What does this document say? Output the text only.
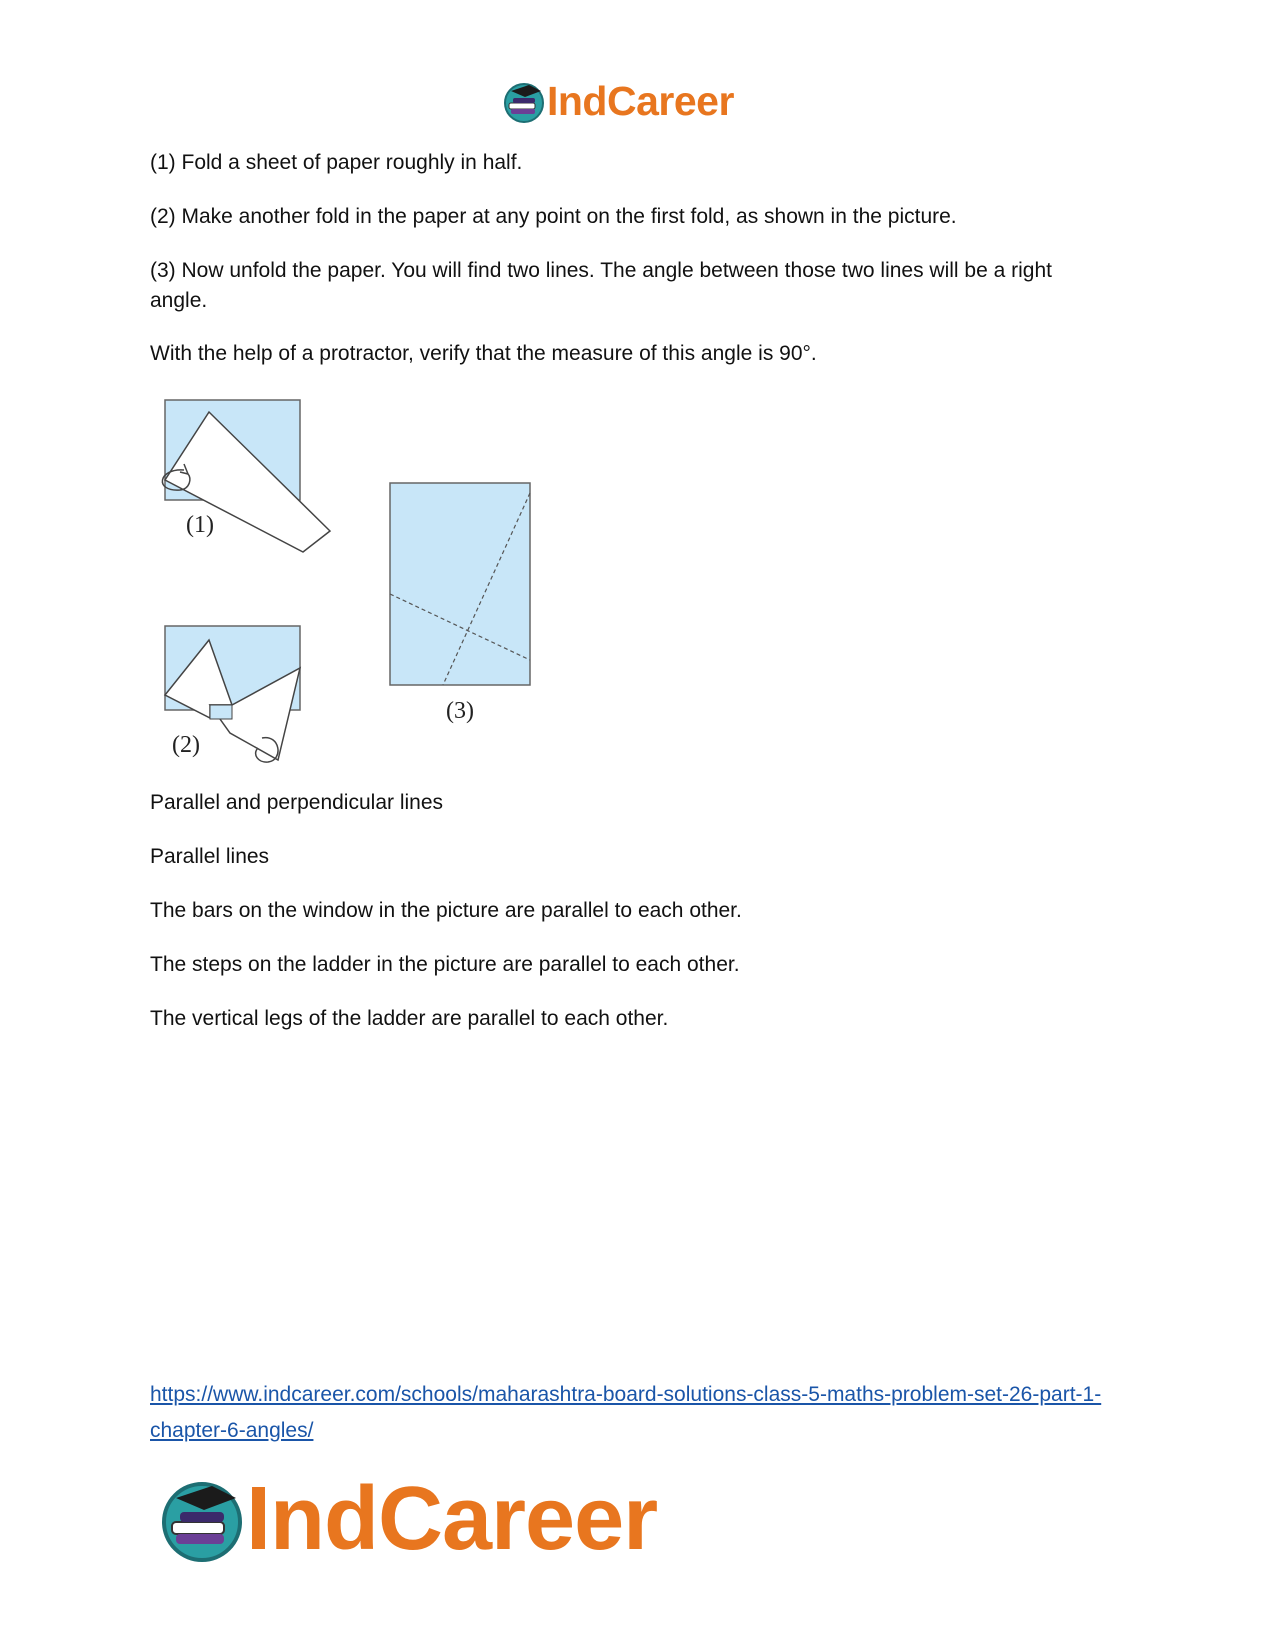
IndCareer

(1) Fold a sheet of paper roughly in half.

(2) Make another fold in the paper at any point on the first fold, as shown in the picture.

(3) Now unfold the paper. You will find two lines. The angle between those two lines will be a right angle.

With the help of a protractor, verify that the measure of this angle is 90°.

(1)
(2)
(3)

Parallel and perpendicular lines

Parallel lines

The bars on the window in the picture are parallel to each other.

The steps on the ladder in the picture are parallel to each other.

The vertical legs of the ladder are parallel to each other.

https://www.indcareer.com/schools/maharashtra-board-solutions-class-5-maths-problem-set-26-part-1-chapter-6-angles/
IndCareer
